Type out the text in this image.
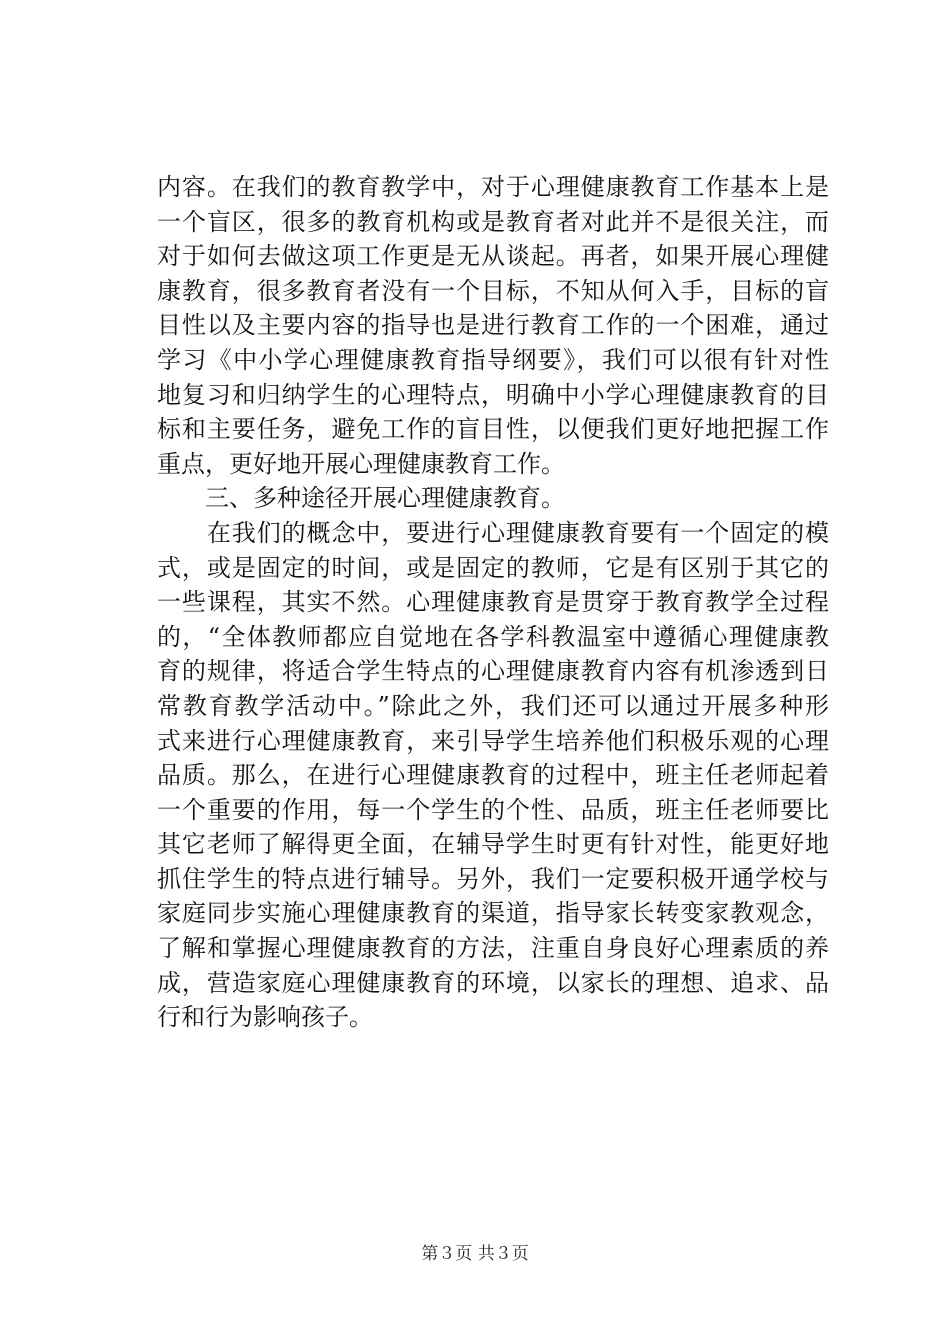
内容。在我们的教育教学中，对于心理健康教育工作基本上是
一个盲区，很多的教育机构或是教育者对此并不是很关注，而
对于如何去做这项工作更是无从谈起。再者，如果开展心理健
康教育，很多教育者没有一个目标，不知从何入手，目标的盲
目性以及主要内容的指导也是进行教育工作的一个困难，通过
学习《中小学心理健康教育指导纲要》，我们可以很有针对性
地复习和归纳学生的心理特点，明确中小学心理健康教育的目
标和主要任务，避免工作的盲目性，以便我们更好地把握工作
重点，更好地开展心理健康教育工作。
　　三、多种途径开展心理健康教育。
　　在我们的概念中，要进行心理健康教育要有一个固定的模
式，或是固定的时间，或是固定的教师，它是有区别于其它的
一些课程，其实不然。心理健康教育是贯穿于教育教学全过程
的，“全体教师都应自觉地在各学科教温室中遵循心理健康教
育的规律，将适合学生特点的心理健康教育内容有机渗透到日
常教育教学活动中。”除此之外，我们还可以通过开展多种形
式来进行心理健康教育，来引导学生培养他们积极乐观的心理
品质。那么，在进行心理健康教育的过程中，班主任老师起着
一个重要的作用，每一个学生的个性、品质，班主任老师要比
其它老师了解得更全面，在辅导学生时更有针对性，能更好地
抓住学生的特点进行辅导。另外，我们一定要积极开通学校与
家庭同步实施心理健康教育的渠道，指导家长转变家教观念，
了解和掌握心理健康教育的方法，注重自身良好心理素质的养
成，营造家庭心理健康教育的环境，以家长的理想、追求、品
行和行为影响孩子。
第３页 共３页
